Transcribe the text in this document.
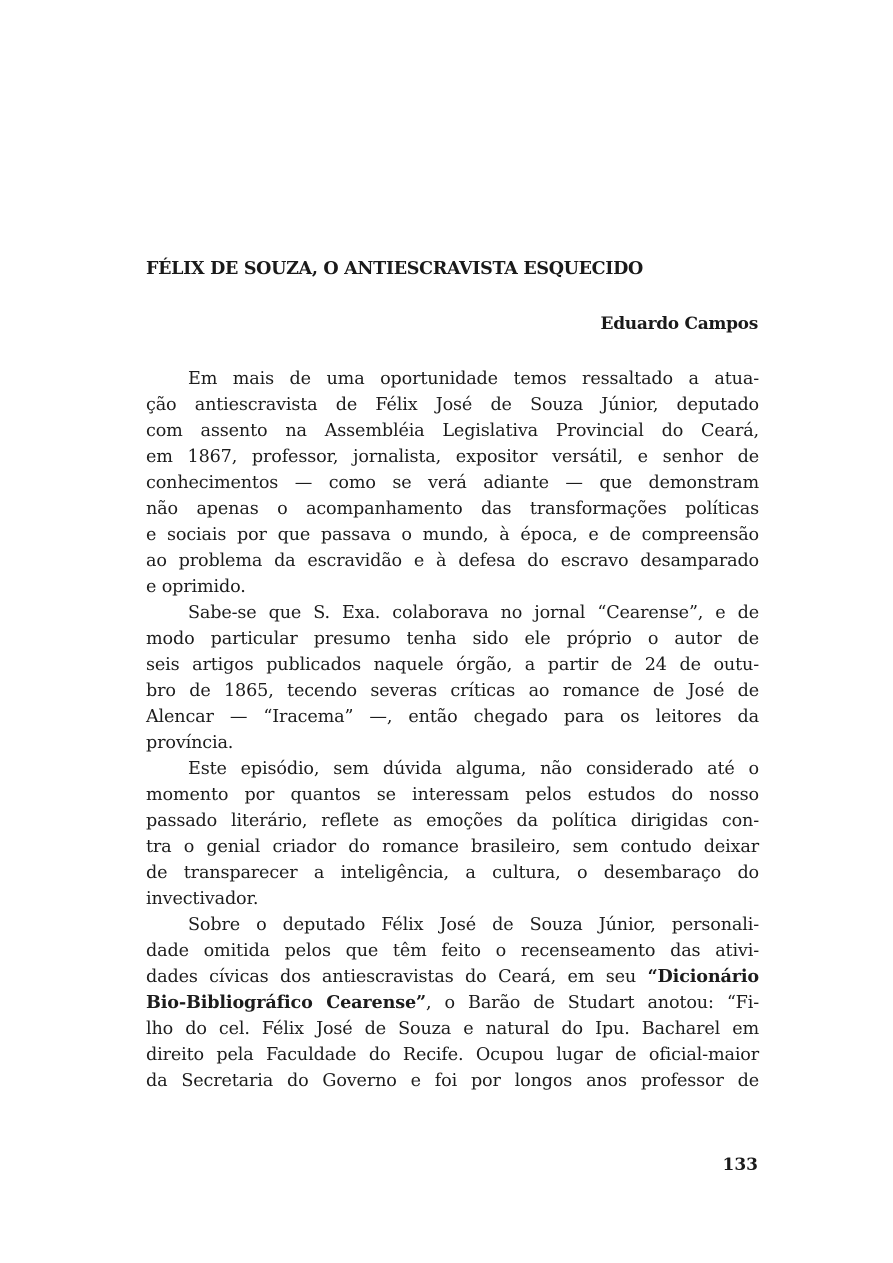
FÉLIX DE SOUZA, O ANTIESCRAVISTA ESQUECIDO

Eduardo Campos

Em mais de uma oportunidade temos ressaltado a atua-
ção antiescravista de Félix José de Souza Júnior, deputado
com assento na Assembléia Legislativa Provincial do Ceará,
em 1867, professor, jornalista, expositor versátil, e senhor de
conhecimentos — como se verá adiante — que demonstram
não apenas o acompanhamento das transformações políticas
e sociais por que passava o mundo, à época, e de compreensão
ao problema da escravidão e à defesa do escravo desamparado
e oprimido.
Sabe-se que S. Exa. colaborava no jornal “Cearense”, e de
modo particular presumo tenha sido ele próprio o autor de
seis artigos publicados naquele órgão, a partir de 24 de outu-
bro de 1865, tecendo severas críticas ao romance de José de
Alencar — “Iracema” —, então chegado para os leitores da
província.
Este episódio, sem dúvida alguma, não considerado até o
momento por quantos se interessam pelos estudos do nosso
passado literário, reflete as emoções da política dirigidas con-
tra o genial criador do romance brasileiro, sem contudo deixar
de transparecer a inteligência, a cultura, o desembaraço do
invectivador.
Sobre o deputado Félix José de Souza Júnior, personali-
dade omitida pelos que têm feito o recenseamento das ativi-
dades cívicas dos antiescravistas do Ceará, em seu “Dicionário
Bio-Bibliográfico Cearense”, o Barão de Studart anotou: “Fi-
lho do cel. Félix José de Souza e natural do Ipu. Bacharel em
direito pela Faculdade do Recife. Ocupou lugar de oficial-maior
da Secretaria do Governo e foi por longos anos professor de

133
